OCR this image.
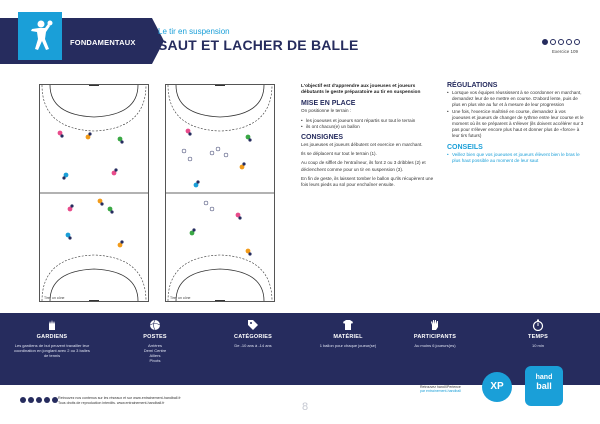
FONDAMENTAUX
Le tir en suspension
SAUT ET LACHER DE BALLE	Exercice 109
Tirer un cône	Tirer un cône

L'objectif est d'apprendre aux joueuses et joueurs débutants le geste préparatoire au tir en suspension

MISE EN PLACE

On positionne le terrain :

• les joueuses et joueurs sont répartis sur tout le terrain
• ils ont chacun(e) un ballon
CONSIGNES

Les joueuses et joueurs débutent cet exercice en marchant.

Ils se déplacent sur tout le terrain (1).

Au coup de sifflet de l'entraîneur, ils font 2 ou 3 dribbles (2) et déclenchent comme pour un tir en suspension (3).

En fin de geste, ils laissent tomber le ballon qu'ils récupèrent une fois leurs pieds au sol pour enchaîner ensuite.

RÉGULATIONS
• Lorsque vos équipes réussissent à se coordonner en marchant, demandez leur de se mettre en course. D'abord lente, puis de plus en plus vite au fur et à mesure de leur progression
• Une fois, l'exercice maîtrisé en course, demandez à vos joueuses et joueurs de changer de rythme entre leur course et le moment où ils se préparent à s'élever (ils doivent accélérer sur 3 pas pour s'élever encore plus haut et donner plus de «force» à leur tirs futurs)
CONSEILS
• Veillez bien que vos joueuses et joueurs élèvent bien le bras le plus haut possible au moment de leur saut
GARDIENS
Les gardiens de but peuvent travailler leur coordination en jonglant avec 2 ou 3 balles de tennis
POSTES
Arrières
Demi Centre
Ailiers
Pivots
CATÉGORIES
De -10 ans à -14 ans
MATÉRIEL
1 ballon pour chaque joueur(se)
PARTICIPANTS
Au moins 6 joueurs(es)
TEMPS
10 min
Retrouvez nos contenus sur les réseaux et sur www.entrainement-handball.fr
Tous droits de reproduction interdits. www.entrainement-handball.fr	8
Retrouvez handXPerience
par entrainement-handball	XP
hand
ball
